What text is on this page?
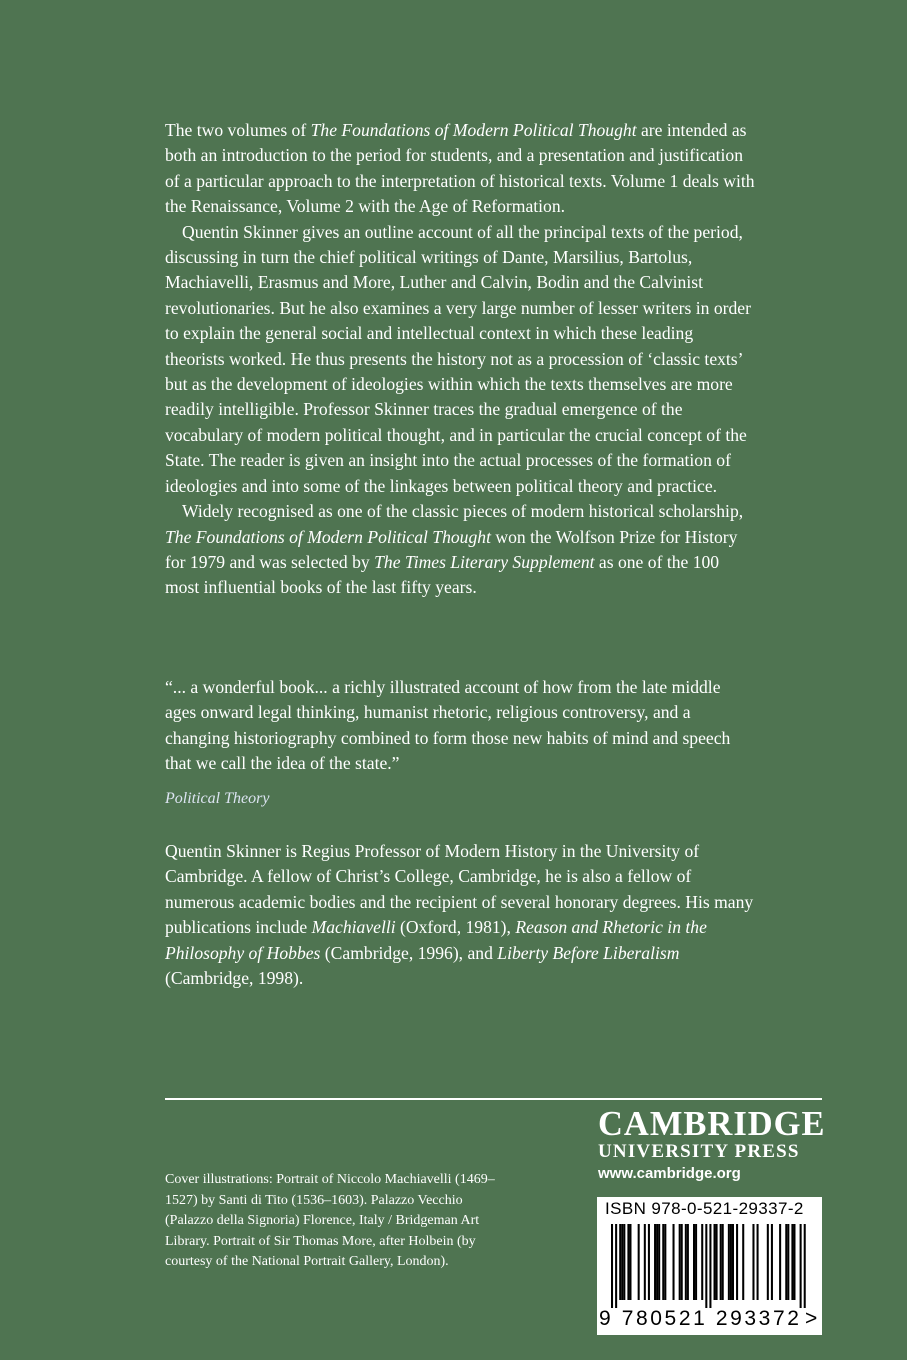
The two volumes of The Foundations of Modern Political Thought are intended as both an introduction to the period for students, and a presentation and justification of a particular approach to the interpretation of historical texts. Volume 1 deals with the Renaissance, Volume 2 with the Age of Reformation.

Quentin Skinner gives an outline account of all the principal texts of the period, discussing in turn the chief political writings of Dante, Marsilius, Bartolus, Machiavelli, Erasmus and More, Luther and Calvin, Bodin and the Calvinist revolutionaries. But he also examines a very large number of lesser writers in order to explain the general social and intellectual context in which these leading theorists worked. He thus presents the history not as a procession of ‘classic texts’ but as the development of ideologies within which the texts themselves are more readily intelligible. Professor Skinner traces the gradual emergence of the vocabulary of modern political thought, and in particular the crucial concept of the State. The reader is given an insight into the actual processes of the formation of ideologies and into some of the linkages between political theory and practice.

Widely recognised as one of the classic pieces of modern historical scholarship, The Foundations of Modern Political Thought won the Wolfson Prize for History for 1979 and was selected by The Times Literary Supplement as one of the 100 most influential books of the last fifty years.

“... a wonderful book... a richly illustrated account of how from the late middle ages onward legal thinking, humanist rhetoric, religious controversy, and a changing historiography combined to form those new habits of mind and speech that we call the idea of the state.”

Political Theory

Quentin Skinner is Regius Professor of Modern History in the University of Cambridge. A fellow of Christ’s College, Cambridge, he is also a fellow of numerous academic bodies and the recipient of several honorary degrees. His many publications include Machiavelli (Oxford, 1981), Reason and Rhetoric in the Philosophy of Hobbes (Cambridge, 1996), and Liberty Before Liberalism (Cambridge, 1998).

Cover illustrations: Portrait of Niccolo Machiavelli (1469–1527) by Santi di Tito (1536–1603). Palazzo Vecchio (Palazzo della Signoria) Florence, Italy / Bridgeman Art Library. Portrait of Sir Thomas More, after Holbein (by courtesy of the National Portrait Gallery, London).

CAMBRIDGE

UNIVERSITY PRESS

www.cambridge.org

ISBN 978-0-521-29337-2
9 780521 293372 >
